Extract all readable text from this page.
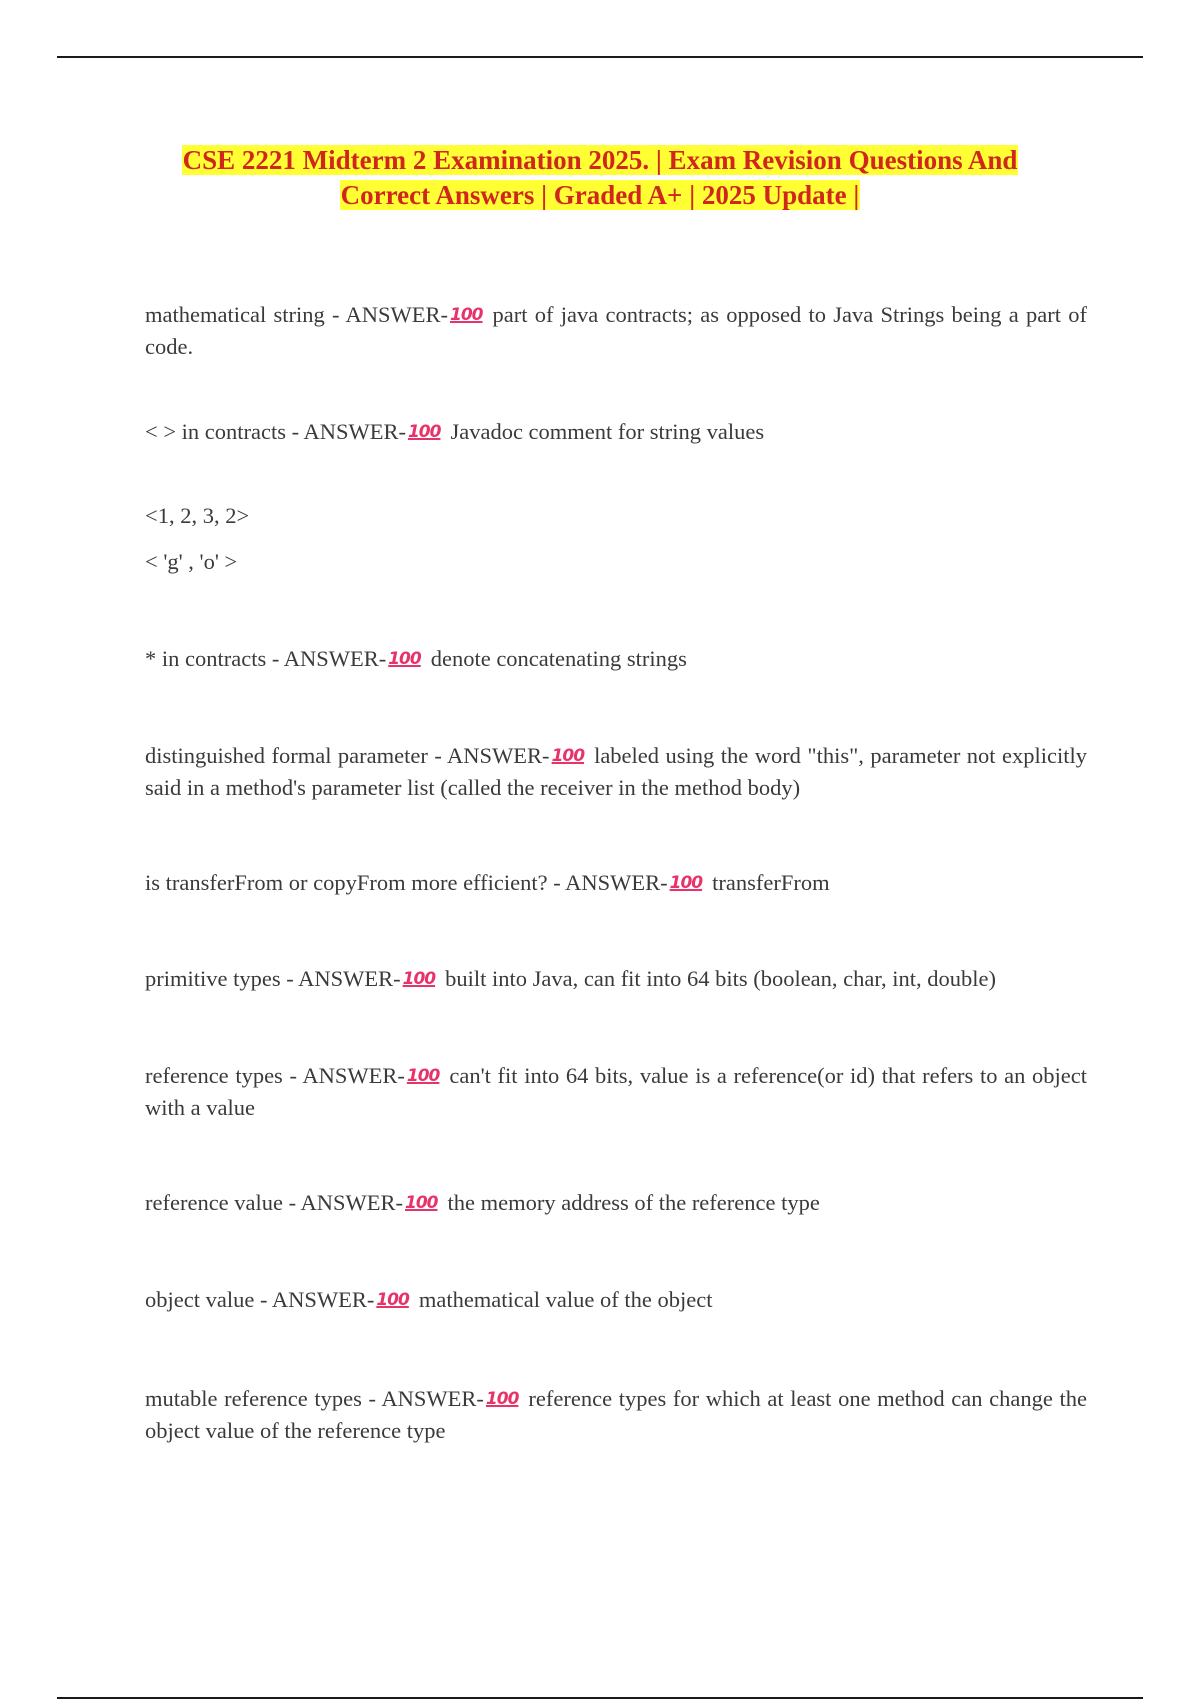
CSE 2221 Midterm 2 Examination 2025. | Exam Revision Questions And
Correct Answers | Graded A+ | 2025 Update |
mathematical string - ANSWER- 100 part of java contracts; as opposed to Java Strings being a part of code.
< > in contracts - ANSWER- 100 Javadoc comment for string values
<1, 2, 3, 2>
< 'g' , 'o' >
* in contracts - ANSWER- 100 denote concatenating strings
distinguished formal parameter - ANSWER- 100 labeled using the word "this", parameter not explicitly said in a method's parameter list (called the receiver in the method body)
is transferFrom or copyFrom more efficient? - ANSWER- 100 transferFrom
primitive types - ANSWER- 100 built into Java, can fit into 64 bits (boolean, char, int, double)
reference types - ANSWER- 100 can't fit into 64 bits, value is a reference(or id) that refers to an object with a value
reference value - ANSWER- 100 the memory address of the reference type
object value - ANSWER- 100 mathematical value of the object
mutable reference types - ANSWER- 100 reference types for which at least one method can change the object value of the reference type
